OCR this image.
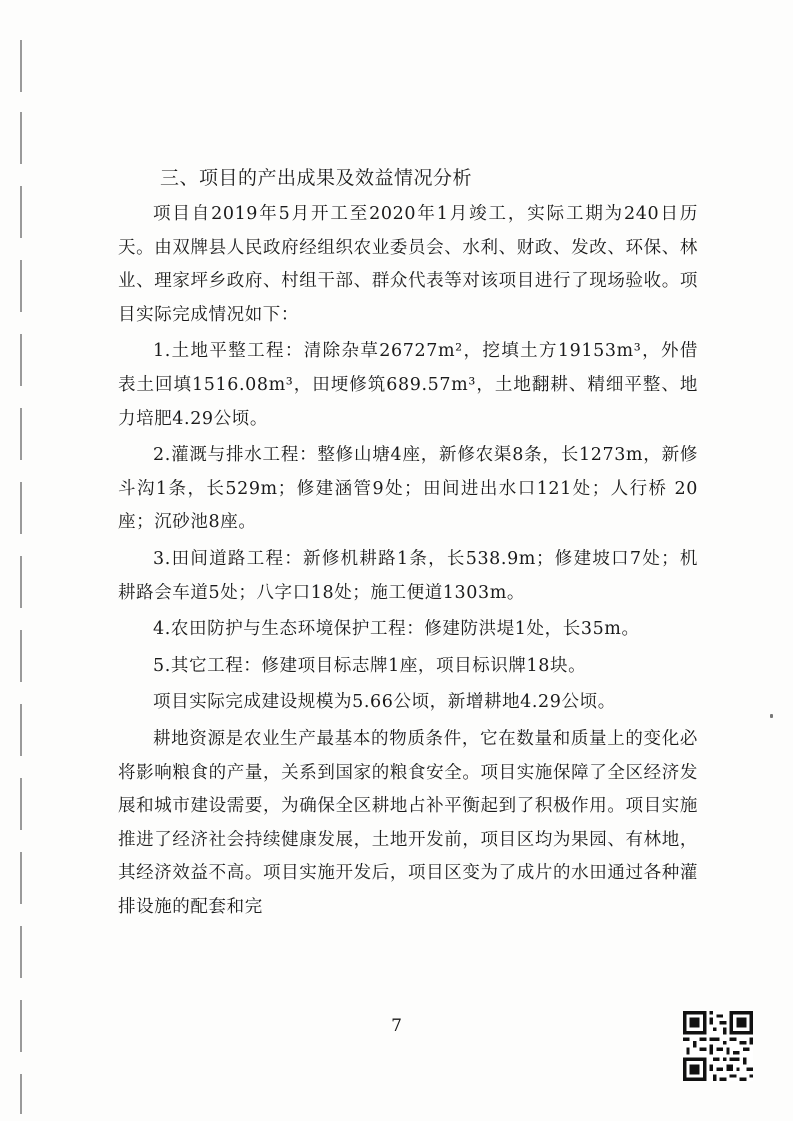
三、项目的产出成果及效益情况分析

项目自2019年5月开工至2020年1月竣工，实际工期为240日历天。由双牌县人民政府经组织农业委员会、水利、财政、发改、环保、林业、理家坪乡政府、村组干部、群众代表等对该项目进行了现场验收。项目实际完成情况如下：

1.土地平整工程：清除杂草26727m²，挖填土方19153m³，外借表土回填1516.08m³，田埂修筑689.57m³，土地翻耕、精细平整、地力培肥4.29公顷。

2.灌溉与排水工程：整修山塘4座，新修农渠8条，长1273m，新修斗沟1条，长529m；修建涵管9处；田间进出水口121处；人行桥 20 座；沉砂池8座。

3.田间道路工程：新修机耕路1条，长538.9m；修建坡口7处；机耕路会车道5处；八字口18处；施工便道1303m。

4.农田防护与生态环境保护工程：修建防洪堤1处，长35m。

5.其它工程：修建项目标志牌1座，项目标识牌18块。

项目实际完成建设规模为5.66公顷，新增耕地4.29公顷。

耕地资源是农业生产最基本的物质条件，它在数量和质量上的变化必将影响粮食的产量，关系到国家的粮食安全。项目实施保障了全区经济发展和城市建设需要，为确保全区耕地占补平衡起到了积极作用。项目实施推进了经济社会持续健康发展，土地开发前，项目区均为果园、有林地，其经济效益不高。项目实施开发后，项目区变为了成片的水田通过各种灌排设施的配套和完

7
